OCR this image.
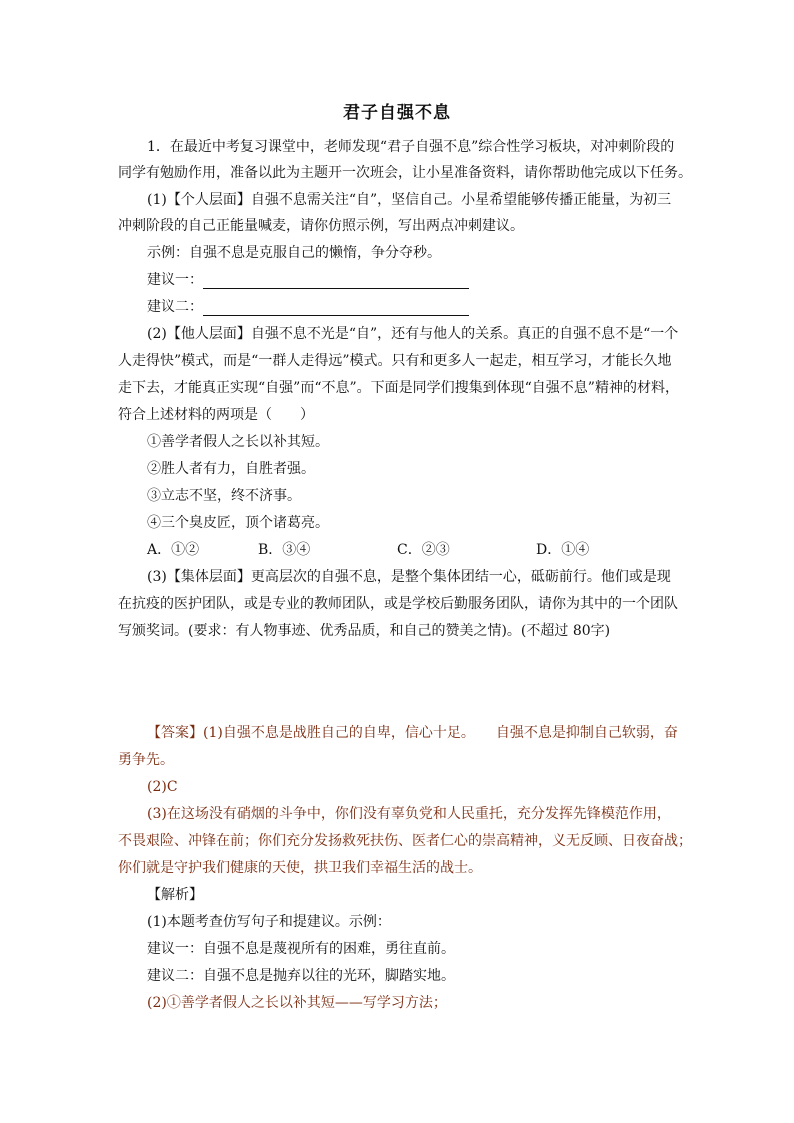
君子自强不息
1．在最近中考复习课堂中，老师发现“君子自强不息”综合性学习板块，对冲刺阶段的
同学有勉励作用，准备以此为主题开一次班会，让小星准备资料，请你帮助他完成以下任务。
(1)【个人层面】自强不息需关注“自”，坚信自己。小星希望能够传播正能量，为初三
冲刺阶段的自己正能量喊麦，请你仿照示例，写出两点冲刺建议。
示例：自强不息是克服自己的懒惰，争分夺秒。
建议一：
建议二：
(2)【他人层面】自强不息不光是“自”，还有与他人的关系。真正的自强不息不是“一个
人走得快”模式，而是“一群人走得远”模式。只有和更多人一起走，相互学习，才能长久地
走下去，才能真正实现“自强”而“不息”。下面是同学们搜集到体现“自强不息”精神的材料，
符合上述材料的两项是（　　）
①善学者假人之长以补其短。
②胜人者有力，自胜者强。
③立志不坚，终不济事。
④三个臭皮匠，顶个诸葛亮。
A．①②	B．③④	C．②③	D．①④
(3)【集体层面】更高层次的自强不息，是整个集体团结一心，砥砺前行。他们或是现
在抗疫的医护团队，或是专业的教师团队，或是学校后勤服务团队，请你为其中的一个团队
写颁奖词。(要求：有人物事迹、优秀品质，和自己的赞美之情)。(不超过 80字)
【答案】(1)自强不息是战胜自己的自卑，信心十足。　　自强不息是抑制自己软弱，奋
勇争先。
(2)C
(3)在这场没有硝烟的斗争中，你们没有辜负党和人民重托，充分发挥先锋模范作用，
不畏艰险、冲锋在前；你们充分发扬救死扶伤、医者仁心的崇高精神，义无反顾、日夜奋战；
你们就是守护我们健康的天使，拱卫我们幸福生活的战士。
【解析】
(1)本题考查仿写句子和提建议。示例：
建议一：自强不息是蔑视所有的困难，勇往直前。
建议二：自强不息是抛弃以往的光环，脚踏实地。
(2)①善学者假人之长以补其短——写学习方法；
